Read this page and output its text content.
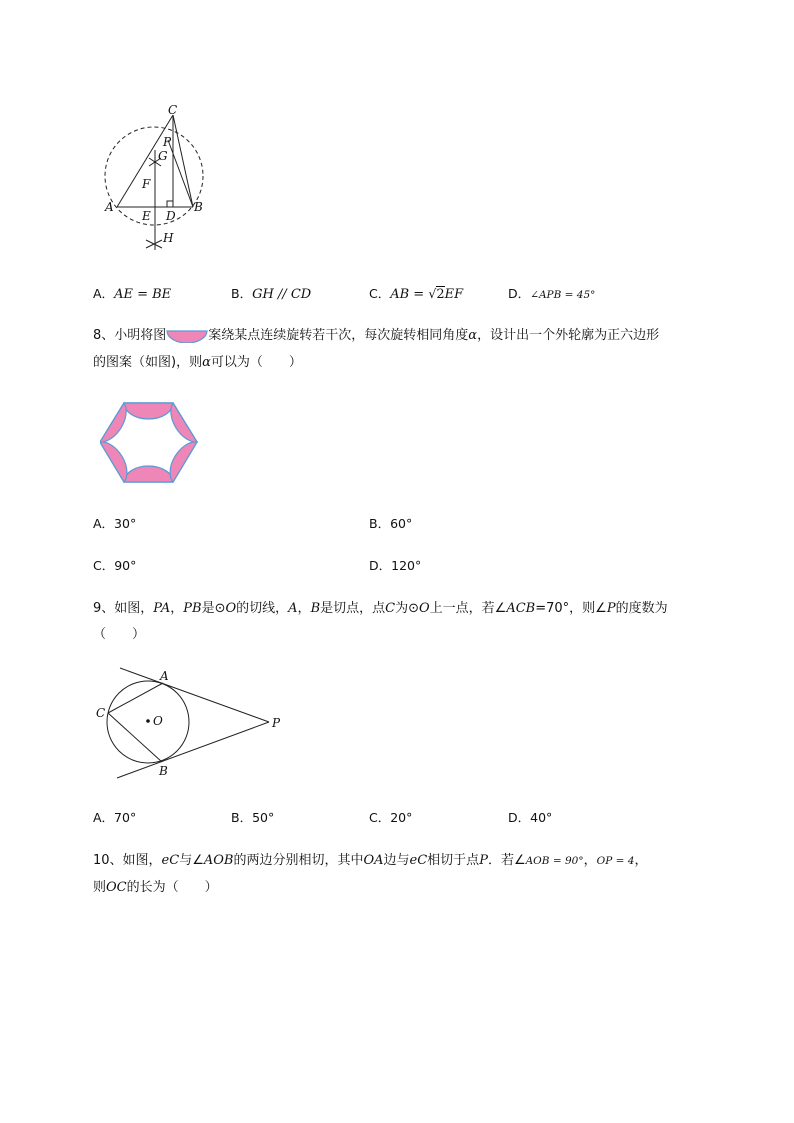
C
P
G
F
A
E D
B
H
A．AE = BE	B．GH // CD	C．AB = √2EF	D．∠APB = 45°
8、小明将图	案绕某点连续旋转若干次，每次旋转相同角度α，设计出一个外轮廓为正六边形
的图案（如图)，则α可以为（　　）
A．30°	B．60°
C．90°	D．120°
9、如图，PA，PB是⊙O的切线，A，B是切点，点C为⊙O上一点，若∠ACB=70°，则∠P的度数为
（　　）
A
C
O	P
B
A．70°	B．50°	C．20°	D．40°
10、如图，eC与∠AOB的两边分别相切，其中OA边与eC相切于点P．若∠AOB = 90°，OP = 4，
则OC的长为（　　）
